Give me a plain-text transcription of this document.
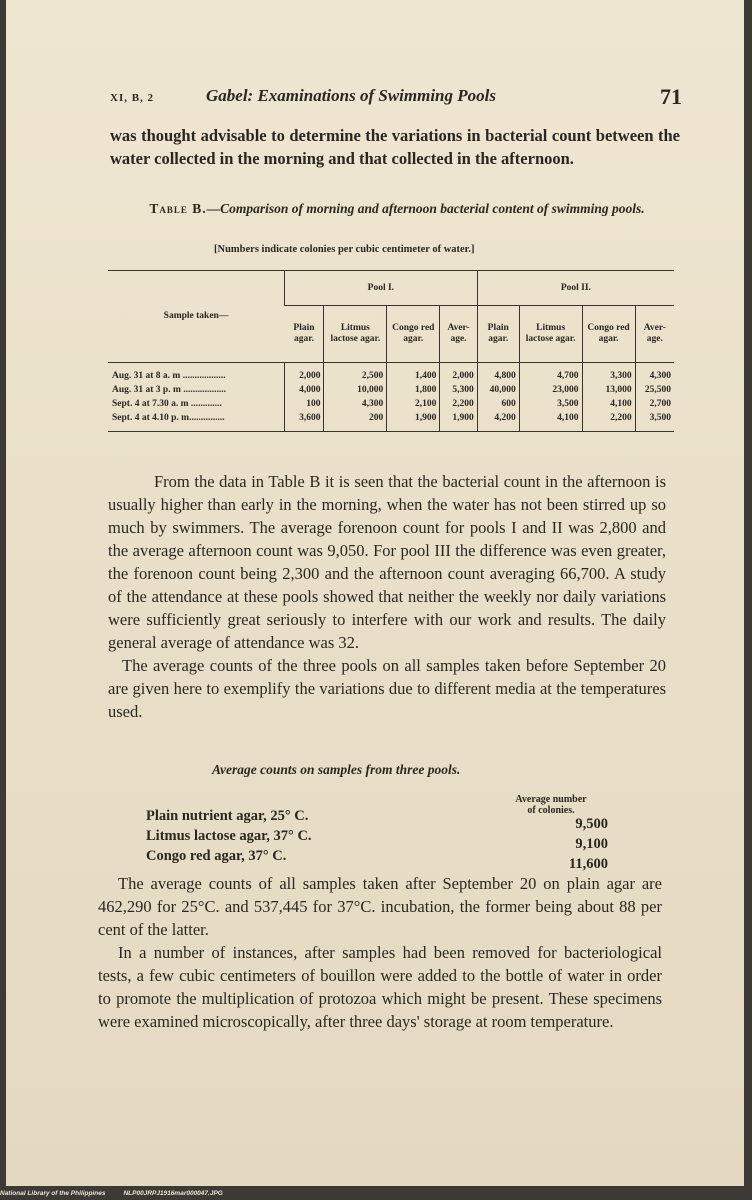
XI, B, 2	Gabel: Examinations of Swimming Pools	71

was thought advisable to determine the variations in bacterial count between the water collected in the morning and that collected in the afternoon.

Table B.—Comparison of morning and afternoon bacterial content of swimming pools.
[Numbers indicate colonies per cubic centimeter of water.]
Sample taken—	Pool I.				Pool II.			
	Plain agar.	Litmus lactose agar.	Congo red agar.	Aver-age.	Plain agar.	Litmus lactose agar.	Congo red agar.	Aver-age.
Aug. 31 at 8 a. m ..................	2,000	2,500	1,400	2,000	4,800	4,700	3,300	4,300
Aug. 31 at 3 p. m ..................	4,000	10,000	1,800	5,300	40,000	23,000	13,000	25,500
Sept. 4 at 7.30 a. m .............	100	4,300	2,100	2,200	600	3,500	4,100	2,700
Sept. 4 at 4.10 p. m...............	3,600	200	1,900	1,900	4,200	4,100	2,200	3,500
From the data in Table B it is seen that the bacterial count in the afternoon is usually higher than early in the morning, when the water has not been stirred up so much by swimmers. The average forenoon count for pools I and II was 2,800 and the average afternoon count was 9,050. For pool III the difference was even greater, the forenoon count being 2,300 and the afternoon count averaging 66,700. A study of the attendance at these pools showed that neither the weekly nor daily variations were sufficiently great seriously to interfere with our work and results. The daily general average of attendance was 32.
The average counts of the three pools on all samples taken before September 20 are given here to exemplify the variations due to different media at the temperatures used.
Average counts on samples from three pools.
Average number
of colonies.
Plain nutrient agar, 25° C.	9,500
Litmus lactose agar, 37° C.	9,100
Congo red agar, 37° C.	11,600
The average counts of all samples taken after September 20 on plain agar are 462,290 for 25°C. and 537,445 for 37°C. incubation, the former being about 88 per cent of the latter.
In a number of instances, after samples had been removed for bacteriological tests, a few cubic centimeters of bouillon were added to the bottle of water in order to promote the multiplication of protozoa which might be present. These specimens were examined microscopically, after three days' storage at room temperature.
National Library of the Philippines	NLP00JRPJ1916mar000047.JPG
